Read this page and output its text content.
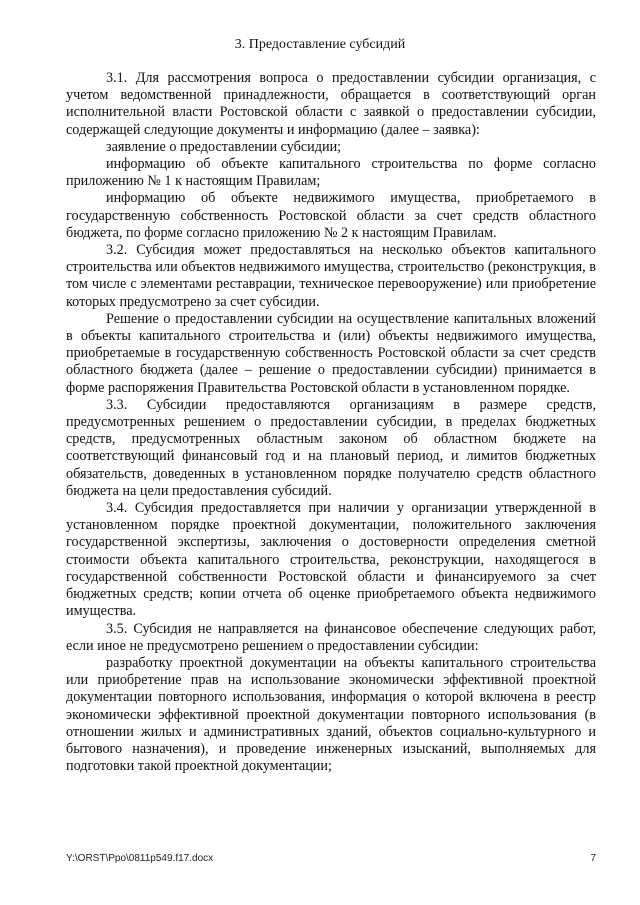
3. Предоставление субсидий

3.1. Для рассмотрения вопроса о предоставлении субсидии организация, с учетом ведомственной принадлежности, обращается в соответствующий орган исполнительной власти Ростовской области с заявкой о предоставлении субсидии, содержащей следующие документы и информацию (далее – заявка):

заявление о предоставлении субсидии;

информацию об объекте капитального строительства по форме согласно приложению № 1 к настоящим Правилам;

информацию об объекте недвижимого имущества, приобретаемого в государственную собственность Ростовской области за счет средств областного бюджета, по форме согласно приложению № 2 к настоящим Правилам.

3.2. Субсидия может предоставляться на несколько объектов капитального строительства или объектов недвижимого имущества, строительство (реконструкция, в том числе с элементами реставрации, техническое перевооружение) или приобретение которых предусмотрено за счет субсидии.

Решение о предоставлении субсидии на осуществление капитальных вложений в объекты капитального строительства и (или) объекты недвижимого имущества, приобретаемые в государственную собственность Ростовской области за счет средств областного бюджета (далее – решение о предоставлении субсидии) принимается в форме распоряжения Правительства Ростовской области в установленном порядке.

3.3. Субсидии предоставляются организациям в размере средств, предусмотренных решением о предоставлении субсидии, в пределах бюджетных средств, предусмотренных областным законом об областном бюджете на соответствующий финансовый год и на плановый период, и лимитов бюджетных обязательств, доведенных в установленном порядке получателю средств областного бюджета на цели предоставления субсидий.

3.4. Субсидия предоставляется при наличии у организации утвержденной в установленном порядке проектной документации, положительного заключения государственной экспертизы, заключения о достоверности определения сметной стоимости объекта капитального строительства, реконструкции, находящегося в государственной собственности Ростовской области и финансируемого за счет бюджетных средств; копии отчета об оценке приобретаемого объекта недвижимого имущества.

3.5. Субсидия не направляется на финансовое обеспечение следующих работ, если иное не предусмотрено решением о предоставлении субсидии:

разработку проектной документации на объекты капитального строительства или приобретение прав на использование экономически эффективной проектной документации повторного использования, информация о которой включена в реестр экономически эффективной проектной документации повторного использования (в отношении жилых и административных зданий, объектов социально-культурного и бытового назначения), и проведение инженерных изысканий, выполняемых для подготовки такой проектной документации;

Y:\ORST\Ppo\0811p549.f17.docx	7
